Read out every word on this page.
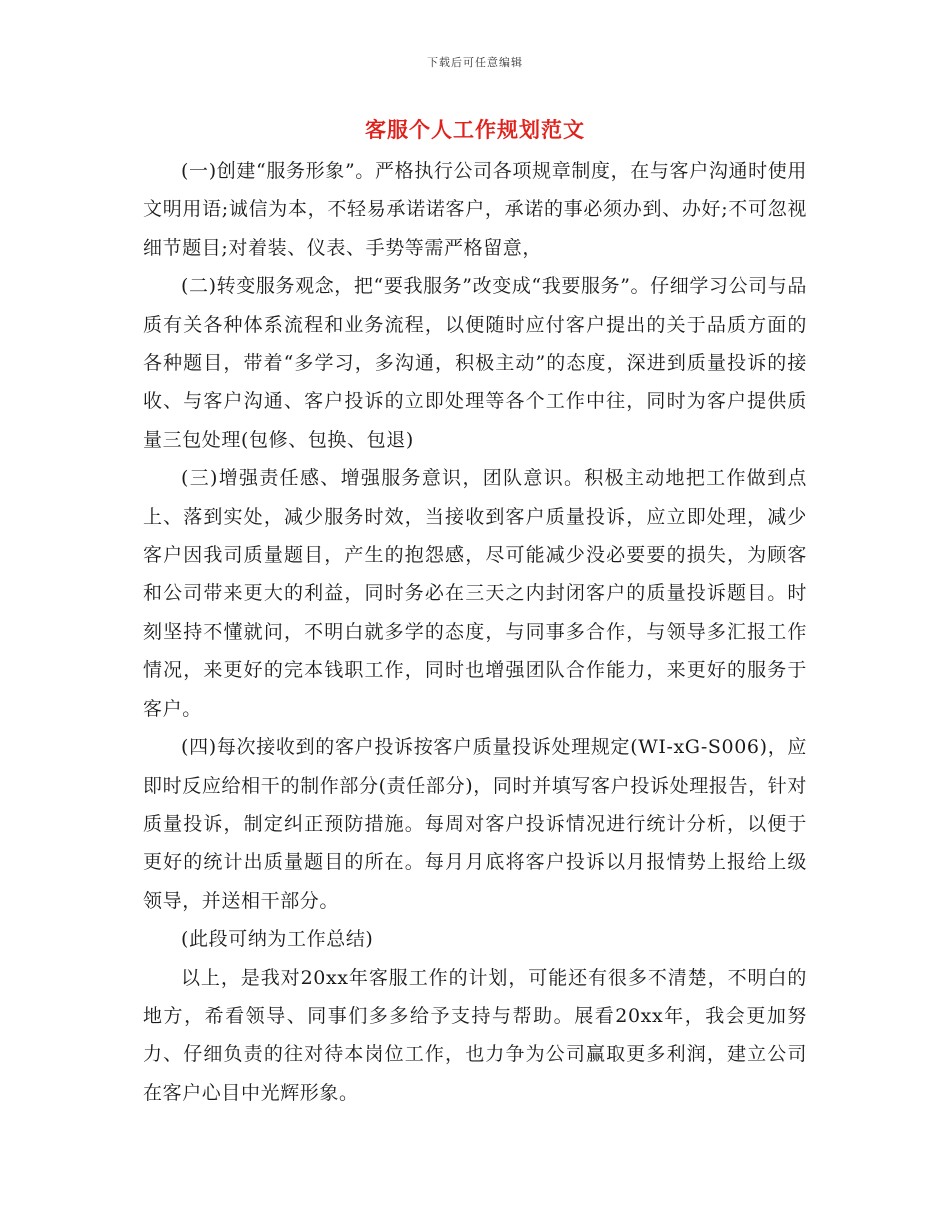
下载后可任意编辑
客服个人工作规划范文

(一)创建“服务形象”。严格执行公司各项规章制度，在与客户沟通时使用文明用语;诚信为本，不轻易承诺诺客户，承诺的事必须办到、办好;不可忽视细节题目;对着装、仪表、手势等需严格留意，

(二)转变服务观念，把“要我服务”改变成“我要服务”。仔细学习公司与品质有关各种体系流程和业务流程，以便随时应付客户提出的关于品质方面的各种题目，带着“多学习，多沟通，积极主动”的态度，深进到质量投诉的接收、与客户沟通、客户投诉的立即处理等各个工作中往，同时为客户提供质量三包处理(包修、包换、包退)

(三)增强责任感、增强服务意识，团队意识。积极主动地把工作做到点上、落到实处，减少服务时效，当接收到客户质量投诉，应立即处理，减少客户因我司质量题目，产生的抱怨感，尽可能减少没必要要的损失，为顾客和公司带来更大的利益，同时务必在三天之内封闭客户的质量投诉题目。时刻坚持不懂就问，不明白就多学的态度，与同事多合作，与领导多汇报工作情况，来更好的完本钱职工作，同时也增强团队合作能力，来更好的服务于客户。

(四)每次接收到的客户投诉按客户质量投诉处理规定(WI-xG-S006)，应即时反应给相干的制作部分(责任部分)，同时并填写客户投诉处理报告，针对质量投诉，制定纠正预防措施。每周对客户投诉情况进行统计分析，以便于更好的统计出质量题目的所在。每月月底将客户投诉以月报情势上报给上级领导，并送相干部分。

(此段可纳为工作总结)

以上，是我对20xx年客服工作的计划，可能还有很多不清楚，不明白的地方，希看领导、同事们多多给予支持与帮助。展看20xx年，我会更加努力、仔细负责的往对待本岗位工作，也力争为公司赢取更多利润，建立公司在客户心目中光辉形象。
